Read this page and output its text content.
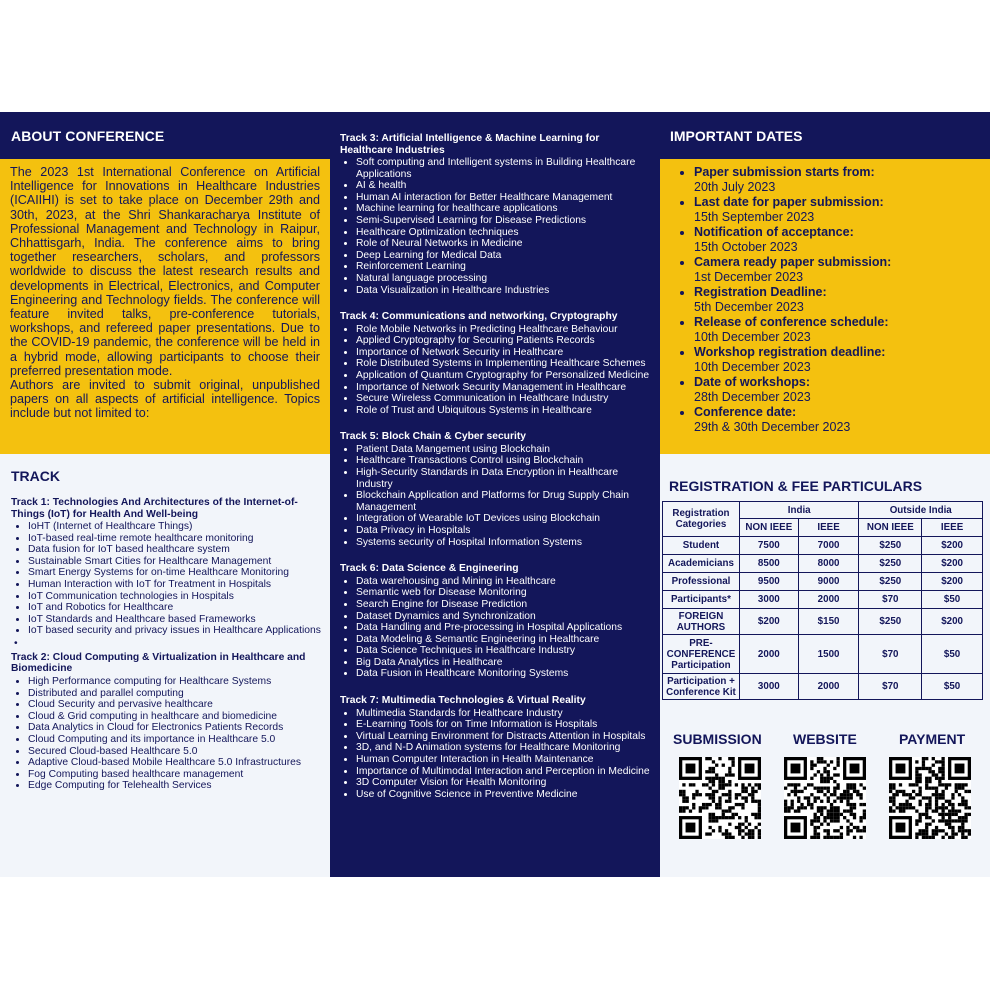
ABOUT CONFERENCE

The 2023 1st International Conference on Artificial Intelligence for Innovations in Healthcare Industries (ICAIIHI) is set to take place on December 29th and 30th, 2023, at the Shri Shankaracharya Institute of Professional Management and Technology in Raipur, Chhattisgarh, India. The conference aims to bring together researchers, scholars, and professors worldwide to discuss the latest research results and developments in Electrical, Electronics, and Computer Engineering and Technology fields. The conference will feature invited talks, pre-conference tutorials, workshops, and refereed paper presentations. Due to the COVID-19 pandemic, the conference will be held in a hybrid mode, allowing participants to choose their preferred presentation mode.

Authors are invited to submit original, unpublished papers on all aspects of artificial intelligence. Topics include but not limited to:

TRACK
Track 1: Technologies And Architectures of the Internet-of-Things (IoT) for Health And Well-being
• IoHT (Internet of Healthcare Things)
• IoT-based real-time remote healthcare monitoring
• Data fusion for IoT based healthcare system
• Sustainable Smart Cities for Healthcare Management
• Smart Energy Systems for on-time Healthcare Monitoring
• Human Interaction with IoT for Treatment in Hospitals
• IoT Communication technologies in Hospitals
• IoT and Robotics for Healthcare
• IoT Standards and Healthcare based Frameworks
• IoT based security and privacy issues in Healthcare Applications
•
Track 2: Cloud Computing & Virtualization in Healthcare and Biomedicine
• High Performance computing for Healthcare Systems
• Distributed and parallel computing
• Cloud Security and pervasive healthcare
• Cloud & Grid computing in healthcare and biomedicine
• Data Analytics in Cloud for Electronics Patients Records
• Cloud Computing and its importance in Healthcare 5.0
• Secured Cloud-based Healthcare 5.0
• Adaptive Cloud-based Mobile Healthcare 5.0 Infrastructures
• Fog Computing based healthcare management
• Edge Computing for Telehealth Services
Track 3: Artificial Intelligence & Machine Learning for Healthcare Industries
• Soft computing and Intelligent systems in Building Healthcare Applications
• AI & health
• Human AI interaction for Better Healthcare Management
• Machine learning for healthcare applications
• Semi-Supervised Learning for Disease Predictions
• Healthcare Optimization techniques
• Role of Neural Networks in Medicine
• Deep Learning for Medical Data
• Reinforcement Learning
• Natural language processing
• Data Visualization in Healthcare Industries
Track 4: Communications and networking, Cryptography
• Role Mobile Networks in Predicting Healthcare Behaviour
• Applied Cryptography for Securing Patients Records
• Importance of Network Security in Healthcare
• Role Distributed Systems in Implementing Healthcare Schemes
• Application of Quantum Cryptography for Personalized Medicine
• Importance of Network Security Management in Healthcare
• Secure Wireless Communication in Healthcare Industry
• Role of Trust and Ubiquitous Systems in Healthcare
Track 5: Block Chain & Cyber security
• Patient Data Mangement using Blockchain
• Healthcare Transactions Control using Blockchain
• High-Security Standards in Data Encryption in Healthcare Industry
• Blockchain Application and Platforms for Drug Supply Chain Management
• Integration of Wearable IoT Devices using Blockchain
• Data Privacy in Hospitals
• Systems security of Hospital Information Systems
Track 6: Data Science & Engineering
• Data warehousing and Mining in Healthcare
• Semantic web for Disease Monitoring
• Search Engine for Disease Prediction
• Dataset Dynamics and Synchronization
• Data Handling and Pre-processing in Hospital Applications
• Data Modeling & Semantic Engineering in Healthcare
• Data Science Techniques in Healthcare Industry
• Big Data Analytics in Healthcare
• Data Fusion in Healthcare Monitoring Systems
Track 7: Multimedia Technologies & Virtual Reality
• Multimedia Standards for Healthcare Industry
• E-Learning Tools for on Time Information is Hospitals
• Virtual Learning Environment for Distracts Attention in Hospitals
• 3D, and N-D Animation systems for Healthcare Monitoring
• Human Computer Interaction in Health Maintenance
• Importance of Multimodal Interaction and Perception in Medicine
• 3D Computer Vision for Health Monitoring
• Use of Cognitive Science in Preventive Medicine
IMPORTANT DATES
• Paper submission starts from:
20th July 2023
• Last date for paper submission:
15th September 2023
• Notification of acceptance:
15th October 2023
• Camera ready paper submission:
1st December 2023
• Registration Deadline:
5th December 2023
• Release of conference schedule:
10th December 2023
• Workshop registration deadline:
10th December 2023
• Date of workshops:
28th December 2023
• Conference date:
29th & 30th December 2023
REGISTRATION & FEE PARTICULARS
Registration Categories	India		Outside India	
	NON IEEE	IEEE	NON IEEE	IEEE
Student	7500	7000	$250	$200
Academicians	8500	8000	$250	$200
Professional	9500	9000	$250	$200
Participants*	3000	2000	$70	$50
FOREIGN AUTHORS	$200	$150	$250	$200
PRE-CONFERENCE Participation	2000	1500	$70	$50
Participation + Conference Kit	3000	2000	$70	$50
SUBMISSION WEBSITE	PAYMENT
